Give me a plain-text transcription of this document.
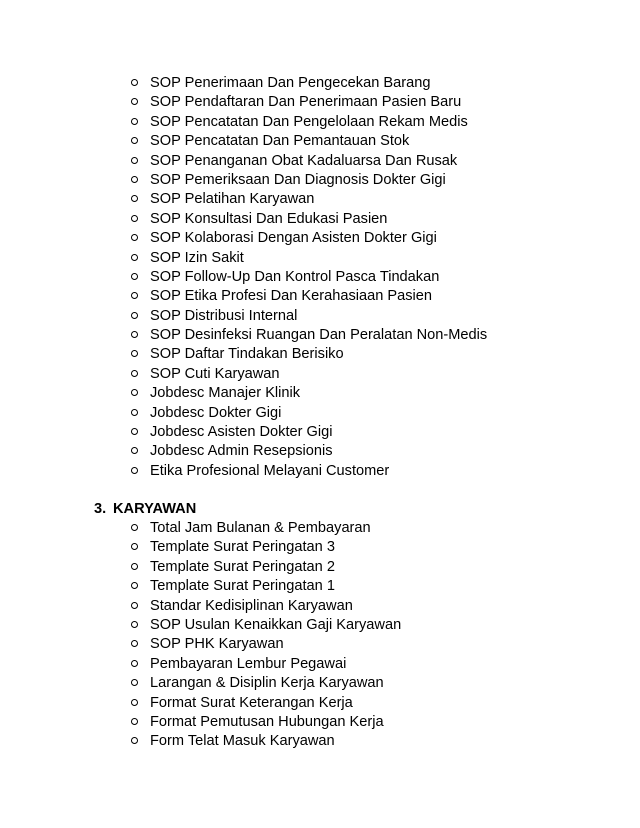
SOP Penerimaan Dan Pengecekan Barang
SOP Pendaftaran Dan Penerimaan Pasien Baru
SOP Pencatatan Dan Pengelolaan Rekam Medis
SOP Pencatatan Dan Pemantauan Stok
SOP Penanganan Obat Kadaluarsa Dan Rusak
SOP Pemeriksaan Dan Diagnosis Dokter Gigi
SOP Pelatihan Karyawan
SOP Konsultasi Dan Edukasi Pasien
SOP Kolaborasi Dengan Asisten Dokter Gigi
SOP Izin Sakit
SOP Follow-Up Dan Kontrol Pasca Tindakan
SOP Etika Profesi Dan Kerahasiaan Pasien
SOP Distribusi Internal
SOP Desinfeksi Ruangan Dan Peralatan Non-Medis
SOP Daftar Tindakan Berisiko
SOP Cuti Karyawan
Jobdesc Manajer Klinik
Jobdesc Dokter Gigi
Jobdesc Asisten Dokter Gigi
Jobdesc Admin Resepsionis
Etika Profesional Melayani Customer
3. KARYAWAN
Total Jam Bulanan & Pembayaran
Template Surat Peringatan 3
Template Surat Peringatan 2
Template Surat Peringatan 1
Standar Kedisiplinan Karyawan
SOP Usulan Kenaikkan Gaji Karyawan
SOP PHK Karyawan
Pembayaran Lembur Pegawai
Larangan & Disiplin Kerja Karyawan
Format Surat Keterangan Kerja
Format Pemutusan Hubungan Kerja
Form Telat Masuk Karyawan
